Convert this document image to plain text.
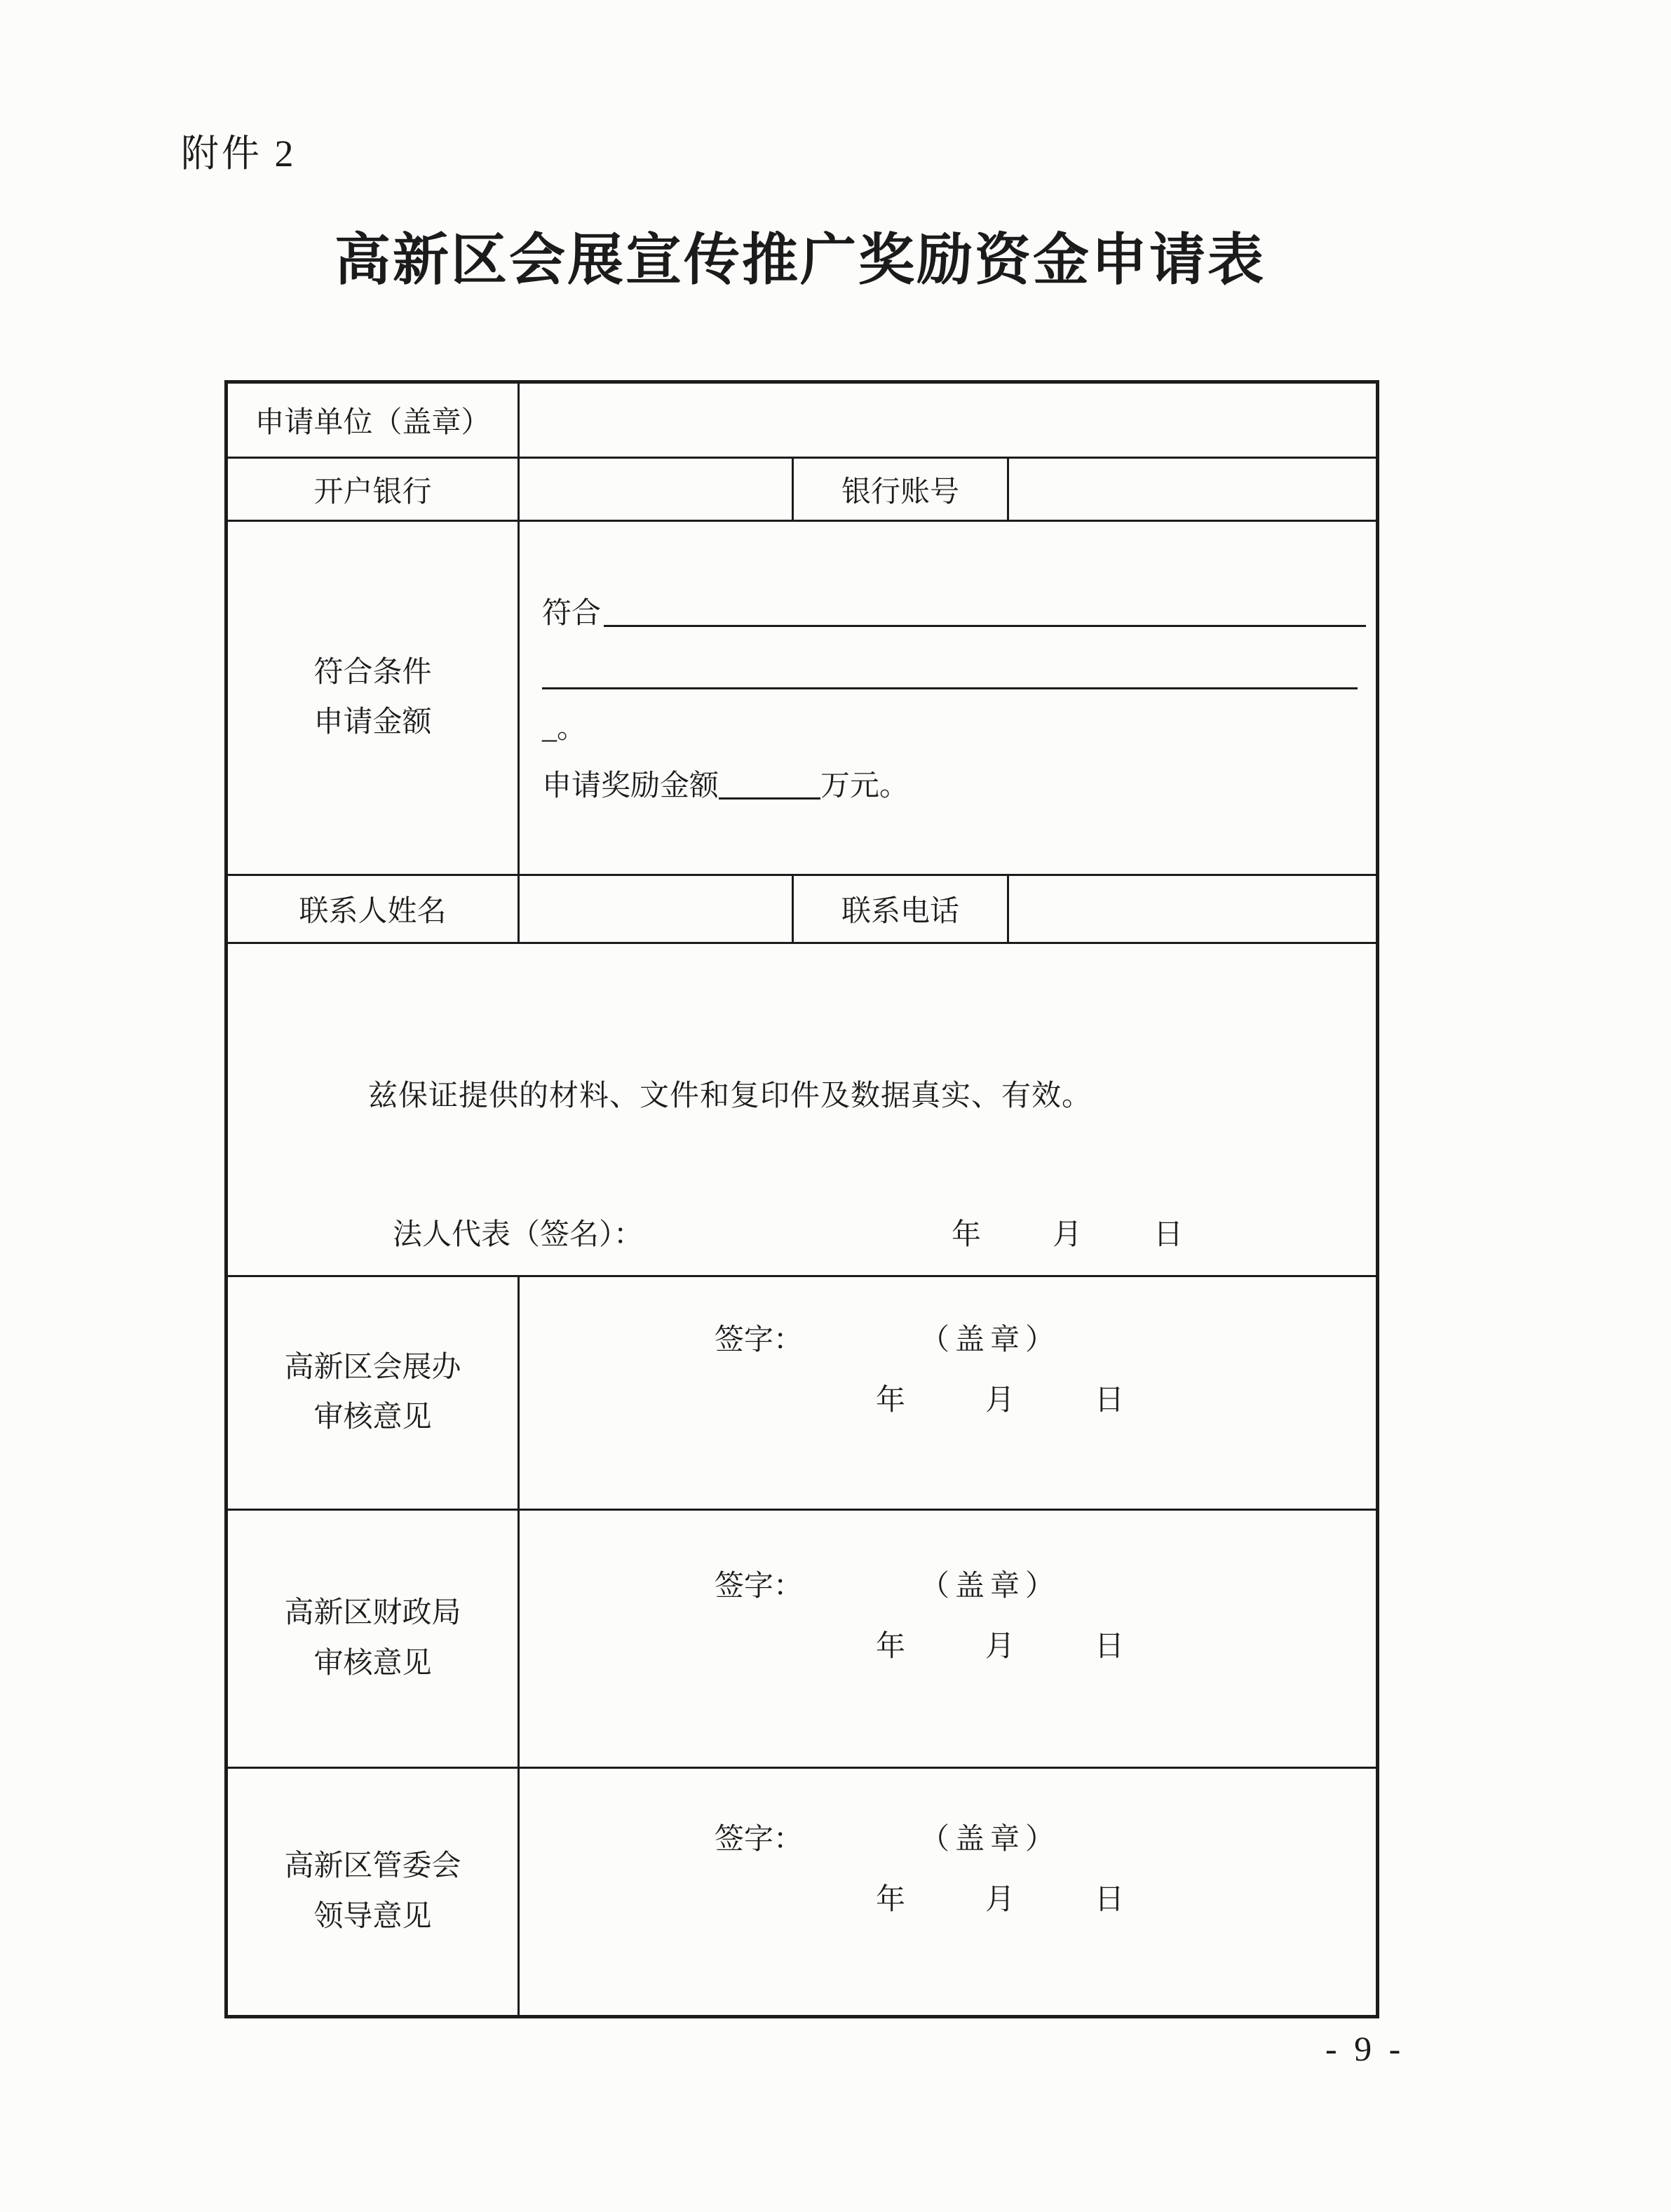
附件 2
高新区会展宣传推广奖励资金申请表
申请单位（盖章）			
开户银行		银行账号	

符合条件
申请金额

符合
_。
申请奖励金额	万元。

联系人姓名		联系电话	

兹保证提供的材料、文件和复印件及数据真实、有效。
法人代表（签名）： 年　　月　　日			

高新区会展办
审核意见

签字：	（盖章）
年　　月　　日

高新区财政局
审核意见

签字：	（盖章）
年　　月　　日

高新区管委会
领导意见

签字：	（盖章）
年　　月　　日
- 9 -
